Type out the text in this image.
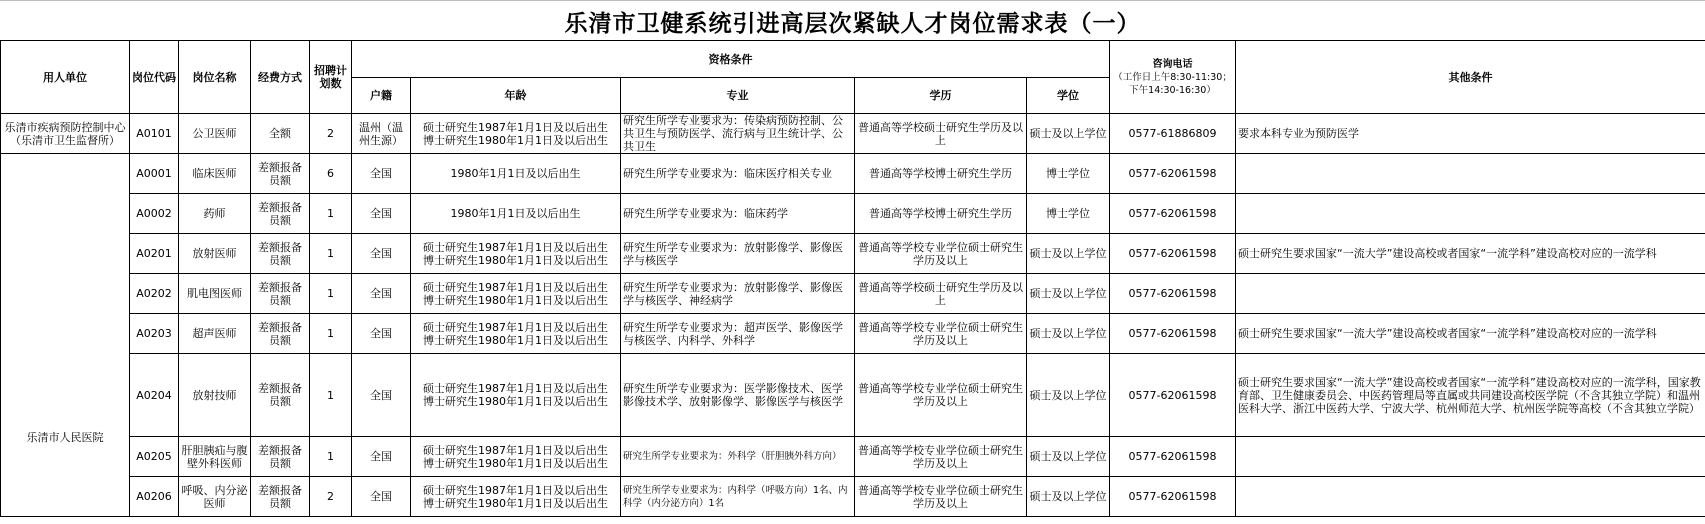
乐清市卫健系统引进高层次紧缺人才岗位需求表（一）
用人单位	岗位代码	岗位名称	经费方式	招聘计划数	资格条件					咨询电话
（工作日上午8:30-11:30；下午14:30-16:30）	其他条件
					户籍	年龄	专业	学历	学位		
乐清市疾病预防控制中心（乐清市卫生监督所）	A0101	公卫医师	全额	2	温州（温州生源）	硕士研究生1987年1月1日及以后出生
博士研究生1980年1月1日及以后出生	研究生所学专业要求为：传染病预防控制、公共卫生与预防医学、流行病与卫生统计学、公共卫生	普通高等学校硕士研究生学历及以上	硕士及以上学位	0577-61886809	要求本科专业为预防医学
乐清市人民医院	A0001	临床医师	差额报备员额	6	全国	1980年1月1日及以后出生	研究生所学专业要求为：临床医疗相关专业	普通高等学校博士研究生学历	博士学位	0577-62061598	
	A0002	药师	差额报备员额	1	全国	1980年1月1日及以后出生	研究生所学专业要求为：临床药学	普通高等学校博士研究生学历	博士学位	0577-62061598	
	A0201	放射医师	差额报备员额	1	全国	硕士研究生1987年1月1日及以后出生
博士研究生1980年1月1日及以后出生	研究生所学专业要求为：放射影像学、影像医学与核医学	普通高等学校专业学位硕士研究生学历及以上	硕士及以上学位	0577-62061598	硕士研究生要求国家“一流大学”建设高校或者国家“一流学科”建设高校对应的一流学科
	A0202	肌电图医师	差额报备员额	1	全国	硕士研究生1987年1月1日及以后出生
博士研究生1980年1月1日及以后出生	研究生所学专业要求为：放射影像学、影像医学与核医学、神经病学	普通高等学校硕士研究生学历及以上	硕士及以上学位	0577-62061598	
	A0203	超声医师	差额报备员额	1	全国	硕士研究生1987年1月1日及以后出生
博士研究生1980年1月1日及以后出生	研究生所学专业要求为：超声医学、影像医学与核医学、内科学、外科学	普通高等学校专业学位硕士研究生学历及以上	硕士及以上学位	0577-62061598	硕士研究生要求国家“一流大学”建设高校或者国家“一流学科”建设高校对应的一流学科
	A0204	放射技师	差额报备员额	1	全国	硕士研究生1987年1月1日及以后出生
博士研究生1980年1月1日及以后出生	研究生所学专业要求为：医学影像技术、医学影像技术学、放射影像学、影像医学与核医学	普通高等学校专业学位硕士研究生学历及以上	硕士及以上学位	0577-62061598	硕士研究生要求国家“一流大学”建设高校或者国家“一流学科”建设高校对应的一流学科，国家教育部、卫生健康委员会、中医药管理局等直属或共同建设高校医学院（不含其独立学院）和温州医科大学、浙江中医药大学、宁波大学、杭州师范大学、杭州医学院等高校（不含其独立学院）
	A0205	肝胆胰疝与腹壁外科医师	差额报备员额	1	全国	硕士研究生1987年1月1日及以后出生
博士研究生1980年1月1日及以后出生	研究生所学专业要求为：外科学（肝胆胰外科方向）	普通高等学校专业学位硕士研究生学历及以上	硕士及以上学位	0577-62061598	
	A0206	呼吸、内分泌医师	差额报备员额	2	全国	硕士研究生1987年1月1日及以后出生
博士研究生1980年1月1日及以后出生	研究生所学专业要求为：内科学（呼吸方向）1名、内科学（内分泌方向）1名	普通高等学校专业学位硕士研究生学历及以上	硕士及以上学位	0577-62061598	
